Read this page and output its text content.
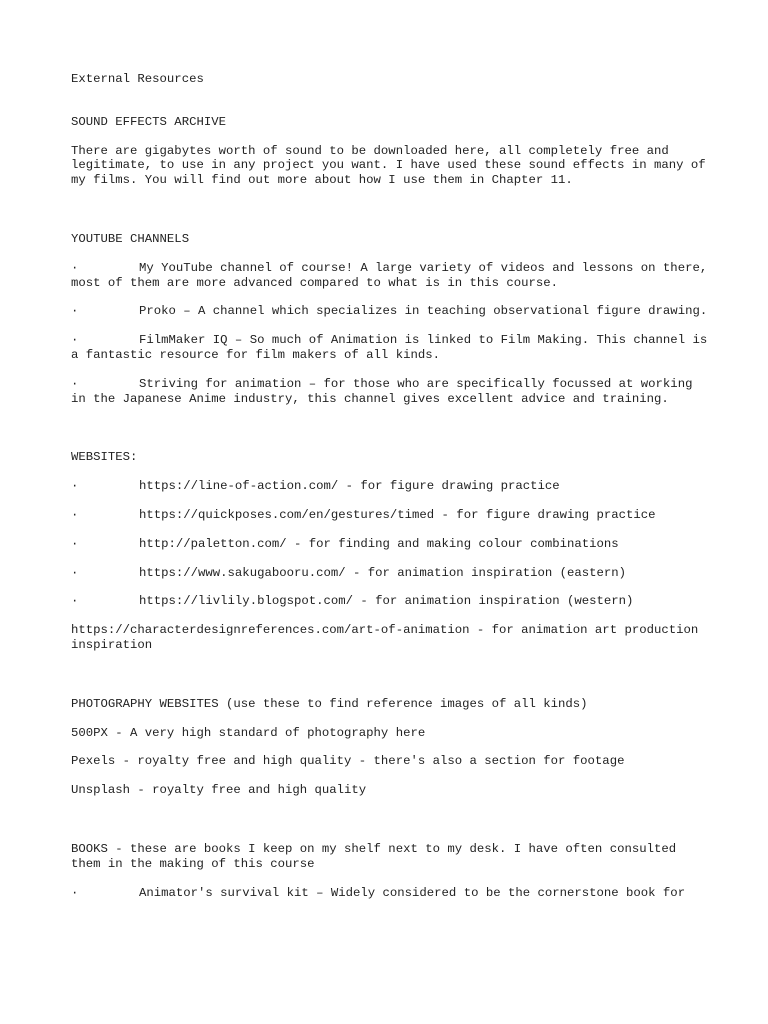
External Resources

SOUND EFFECTS ARCHIVE

There are gigabytes worth of sound to be downloaded here, all completely free and legitimate, to use in any project you want. I have used these sound effects in many of my films. You will find out more about how I use them in Chapter 11.

YOUTUBE CHANNELS

·	My YouTube channel of course! A large variety of videos and lessons on there, most of them are more advanced compared to what is in this course.

·	Proko – A channel which specializes in teaching observational figure drawing.

·	FilmMaker IQ – So much of Animation is linked to Film Making. This channel is a fantastic resource for film makers of all kinds.

·	Striving for animation – for those who are specifically focussed at working in the Japanese Anime industry, this channel gives excellent advice and training.

WEBSITES:

·	https://line-of-action.com/ - for figure drawing practice

·	https://quickposes.com/en/gestures/timed - for figure drawing practice

·	http://paletton.com/ - for finding and making colour combinations

·	https://www.sakugabooru.com/ - for animation inspiration (eastern)

·	https://livlily.blogspot.com/ - for animation inspiration (western)

https://characterdesignreferences.com/art-of-animation - for animation art production inspiration

PHOTOGRAPHY WEBSITES (use these to find reference images of all kinds)

500PX - A very high standard of photography here

Pexels - royalty free and high quality - there's also a section for footage

Unsplash - royalty free and high quality

BOOKS - these are books I keep on my shelf next to my desk. I have often consulted them in the making of this course

·	Animator's survival kit – Widely considered to be the cornerstone book for
